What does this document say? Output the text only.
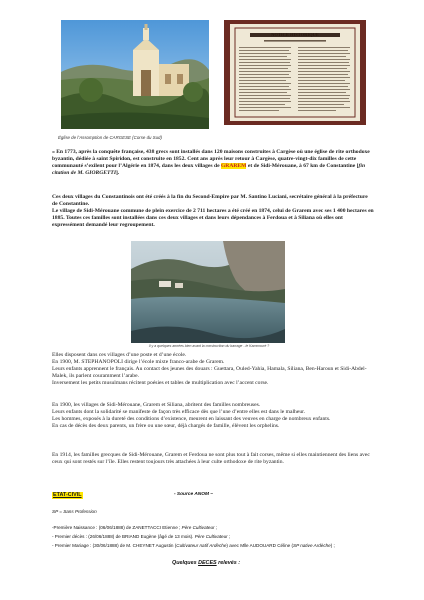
NOTICE HISTORIQUE
Église de l’Assomption de CARGESE (Corse du Sud)
« En 1773, après la conquête française, 438 grecs sont installés dans 120 maisons construites à Cargèse où une église de rite orthodoxe byzantin, dédiée à saint Spiridon, est construite en 1852. Cent ans après leur retour à Cargèse, quatre-vingt-dix familles de cette communauté s’exilent pour l’Algérie en 1874, dans les deux villages de GRAREM et de Sidi-Mérouane, à 67 km de Constantine [fin citation de M. GIORGETTI].
Ces deux villages du Constantinois ont été créés à la fin du Second-Empire par M. Santino Luciani, secrétaire général à la préfecture de Constantine.
Le village de Sidi-Mérouane commune de plein exercice de 2 711 hectares a été créé en 1874, celui de Grarem avec ses 1 400 hectares en 1885. Toutes ces familles sont installées dans ces deux villages et dans leurs dépendances à Ferdoua et à Siliana où elles ont expressément demandé leur regroupement.
Il y a quelques années bien avant la construction du barrage - le Kammouré ?
Elles disposent dans ces villages d’une poste et d’une école.
En 1900, M. STEPHANOPOLI dirige l’école mixte franco-arabe de Grarem.
Leurs enfants apprennent le français. Au contact des jeunes des douars : Guettara, Ouled-Yahia, Hamala, Siliana, Ben-Haroun et Sidi-Abdel-Malek, ils parlent couramment l’arabe.
Inversement les petits musulmans récitent poésies et tables de multiplication avec l’accent corse.
En 1900, les villages de Sidi-Mérouane, Grarem et Siliana, abritent des familles nombreuses.
Leurs enfants dont la solidarité se manifeste de façon très efficace dès que l’une d’entre elles est dans le malheur.
Les hommes, exposés à la dureté des conditions d’existence, meurent en laissant des veuves en charge de nombreux enfants.
En cas de décès des deux parents, un frère ou une sœur, déjà chargés de famille, élèvent les orphelins.
En 1914, les familles grecques de Sidi-Mérouane, Grarem et Ferdoua ne sont plus tout à fait corses, même si elles maintiennent des liens avec ceux qui sont restés sur l’île. Elles restent toujours très attachées à leur culte orthodoxe de rite byzantin.
ETAT-CIVIL	- Source ANOM –
SP = Sans Profession
-Première Naissance : (06/06/1888) de ZANETTACCI Etienne ; Père Cultivateur ;
- Premier décès : (26/06/1888) de BRIAND Eugène (âgé de 13 mois). Père Cultivateur ;
- Premier Mariage : (30/06/1888) de M. CHEYNET Augustin (Cultivateur natif Ardèche) avec Mlle AUDOUARD Céline (SP native Ardèche) ;
Quelques DECES relevés :
